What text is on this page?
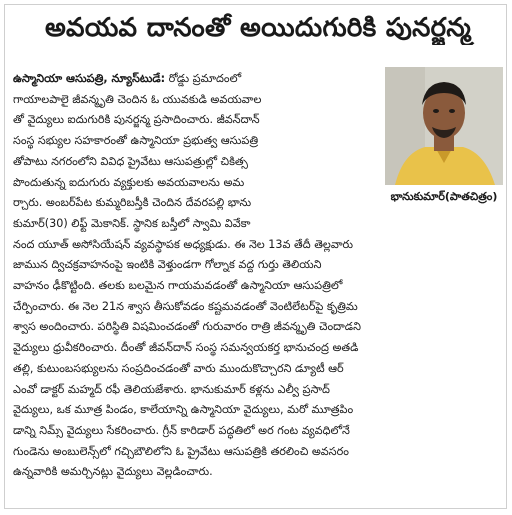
అవయవ దానంతో అయిదుగురికి పునర్జన్మ
ఉస్మానియా ఆసుపత్రి, న్యూస్‌టుడే: రోడ్డు ప్రమాదంలో
గాయాలపాలై జీవన్మృతి చెందిన ఓ యువకుడి అవయవాల
తో వైద్యులు ఐదుగురికి పునర్జన్మ ప్రసాదించారు. జీవన్‌దాన్
సంస్థ సభ్యుల సహకారంతో ఉస్మానియా ప్రభుత్వ ఆసుపత్రి
తోపాటు నగరంలోని వివిధ ప్రైవేటు ఆసుపత్రుల్లో చికిత్స
పొందుతున్న ఐదుగురు వ్యక్తులకు అవయవాలను అమ
ర్చారు. అంబర్‌పేట కుమ్మరిబస్తీకి చెందిన దేవరపల్లి భాను
కుమార్‌(30) లిఫ్ట్‌ మెకానిక్‌. స్థానిక బస్తీలో స్వామి వివేకా
నంద యూత్‌ అసోసియేషన్‌ వ్యవస్థాపక అధ్యక్షుడు. ఈ నెల 13వ తేదీ తెల్లవారు
జామున ద్విచక్రవాహనంపై ఇంటికి వెళ్తుండగా గోల్నాక వద్ద గుర్తు తెలియని
వాహనం ఢీకొట్టింది. తలకు బలమైన గాయమవడంతో ఉస్మానియా ఆసుపత్రిలో
చేర్పించారు. ఈ నెల 21న శ్వాస తీసుకోవడం కష్టమవడంతో వెంటిలేటర్‌పై కృత్రిమ
శ్వాస అందించారు. పరిస్థితి విషమించడంతో గురువారం రాత్రి జీవన్మృతి చెందాడని
వైద్యులు ధ్రువీకరించారు. దీంతో జీవన్‌దాన్‌ సంస్థ సమన్వయకర్త భానుచంద్ర అతడి
తల్లి, కుటుంబసభ్యులను సంప్రదించడంతో వారు ముందుకొచ్చారని డ్యూటీ ఆర్‌
ఎంవో డాక్టర్‌ మహ్మద్‌ రఫీ తెలియజేశారు. భానుకుమార్‌ కళ్లను ఎల్వీ ప్రసాద్‌
వైద్యులు, ఒక మూత్ర పిండం, కాలేయాన్ని ఉస్మానియా వైద్యులు, మరో మూత్రపిం
డాన్ని నిమ్స్‌ వైద్యులు సేకరించారు. గ్రీన్‌ కారిడార్‌ పద్ధతిలో అర గంట వ్యవధిలోనే
గుండెను అంబులెన్స్‌లో గచ్చిబౌలిలోని ఓ ప్రైవేటు ఆసుపత్రికి తరలించి అవసరం
ఉన్నవారికి అమర్చినట్లు వైద్యులు వెల్లడించారు.
భానుకుమార్(పాతచిత్రం)
